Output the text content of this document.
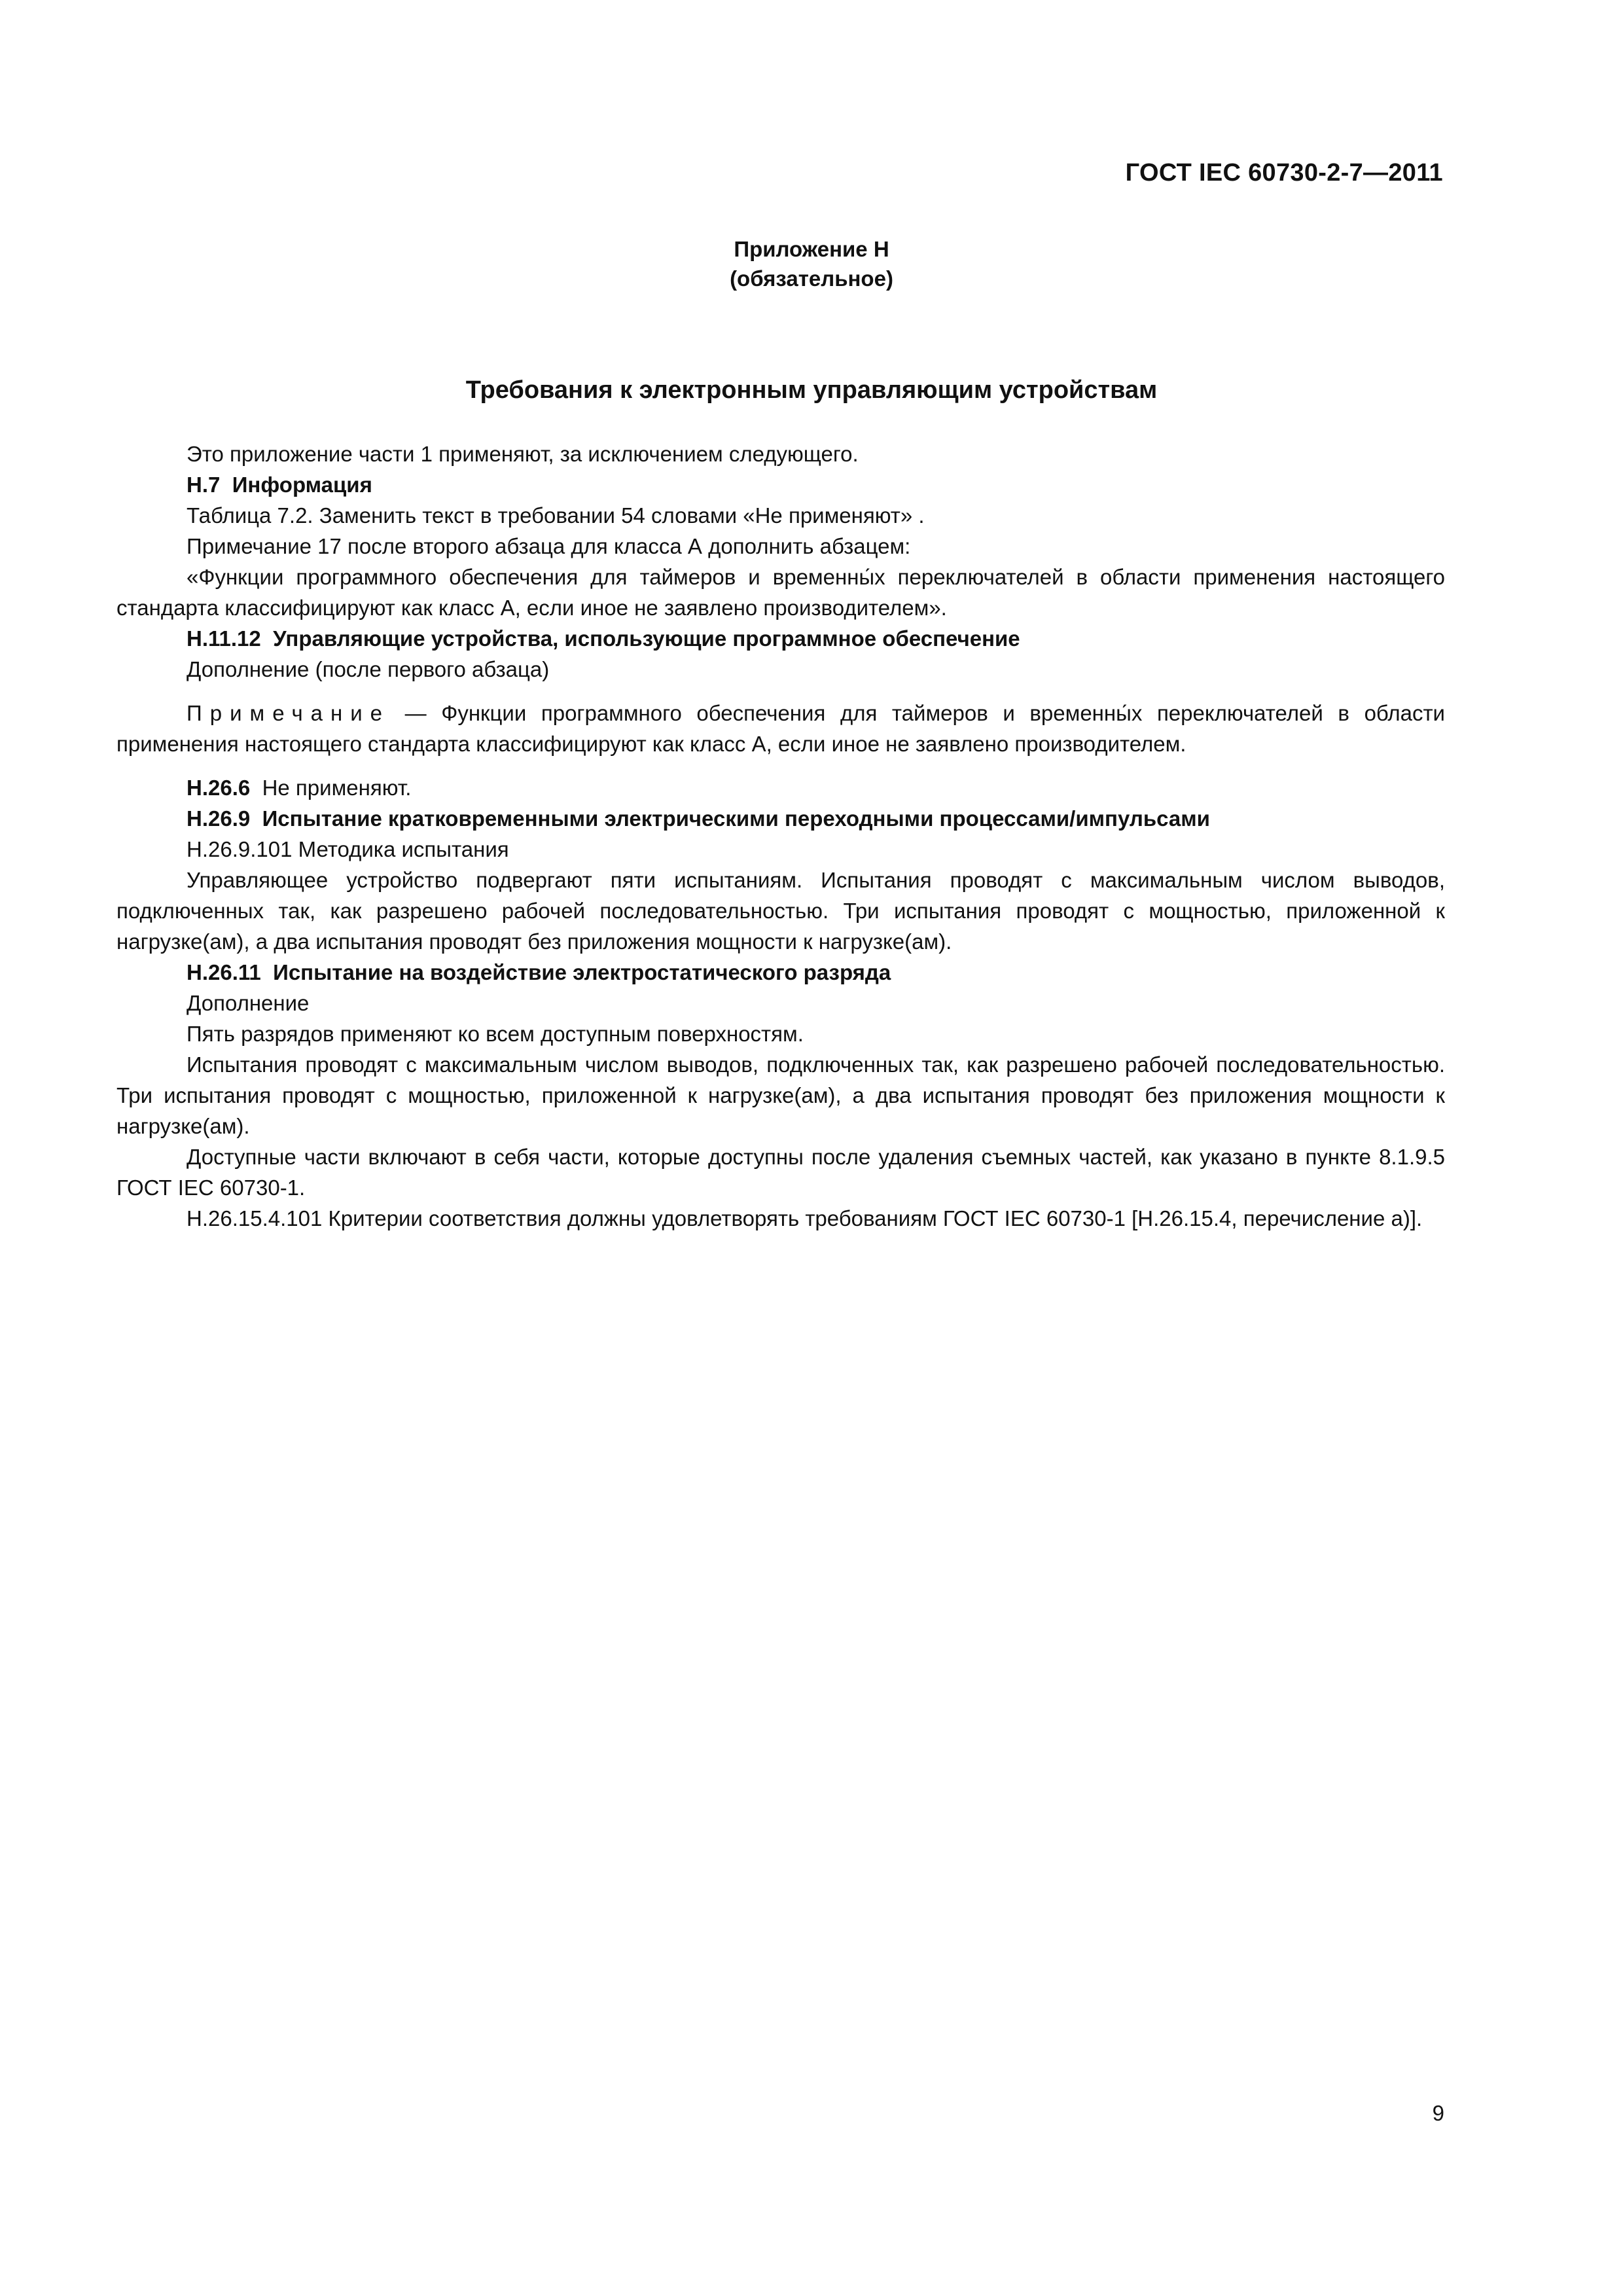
ГОСТ IEC 60730-2-7—2011
Приложение Н
(обязательное)
Требования к электронным управляющим устройствам

Это приложение части 1 применяют, за исключением следующего.

Н.7 Информация

Таблица 7.2. Заменить текст в требовании 54 словами «Не применяют» .

Примечание 17 после второго абзаца для класса А дополнить абзацем:

«Функции программного обеспечения для таймеров и временны́х переключателей в области применения настоящего стандарта классифицируют как класс А, если иное не заявлено производителем».

Н.11.12 Управляющие устройства, использующие программное обеспечение

Дополнение (после первого абзаца)

Примечание — Функции программного обеспечения для таймеров и временны́х переключателей в области применения настоящего стандарта классифицируют как класс А, если иное не заявлено производителем.

Н.26.6 Не применяют.

Н.26.9 Испытание кратковременными электрическими переходными процессами/импульсами

Н.26.9.101 Методика испытания

Управляющее устройство подвергают пяти испытаниям. Испытания проводят с максимальным числом выводов, подключенных так, как разрешено рабочей последовательностью. Три испытания проводят с мощностью, приложенной к нагрузке(ам), а два испытания проводят без приложения мощности к нагрузке(ам).

Н.26.11 Испытание на воздействие электростатического разряда

Дополнение

Пять разрядов применяют ко всем доступным поверхностям.

Испытания проводят с максимальным числом выводов, подключенных так, как разрешено рабочей последовательностью. Три испытания проводят с мощностью, приложенной к нагрузке(ам), а два испытания проводят без приложения мощности к нагрузке(ам).

Доступные части включают в себя части, которые доступны после удаления съемных частей, как указано в пункте 8.1.9.5 ГОСТ IEC 60730-1.

Н.26.15.4.101 Критерии соответствия должны удовлетворять требованиям ГОСТ IEC 60730-1 [Н.26.15.4, перечисление а)].

9
